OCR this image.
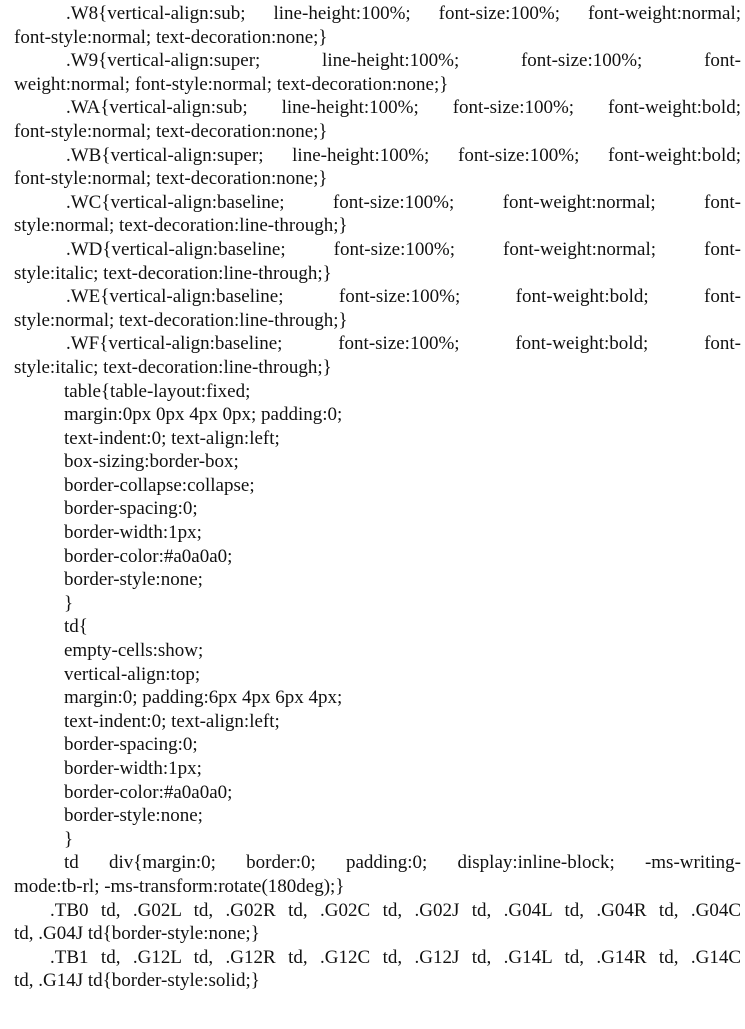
.W8{vertical-align:sub; line-height:100%; font-size:100%; font-weight:normal;
font-style:normal; text-decoration:none;}
.W9{vertical-align:super; line-height:100%; font-size:100%; font-
weight:normal; font-style:normal; text-decoration:none;}
.WA{vertical-align:sub; line-height:100%; font-size:100%; font-weight:bold;
font-style:normal; text-decoration:none;}
.WB{vertical-align:super; line-height:100%; font-size:100%; font-weight:bold;
font-style:normal; text-decoration:none;}
.WC{vertical-align:baseline; font-size:100%; font-weight:normal; font-
style:normal; text-decoration:line-through;}
.WD{vertical-align:baseline; font-size:100%; font-weight:normal; font-
style:italic; text-decoration:line-through;}
.WE{vertical-align:baseline; font-size:100%; font-weight:bold; font-
style:normal; text-decoration:line-through;}
.WF{vertical-align:baseline; font-size:100%; font-weight:bold; font-
style:italic; text-decoration:line-through;}
table{table-layout:fixed;
margin:0px 0px 4px 0px; padding:0;
text-indent:0; text-align:left;
box-sizing:border-box;
border-collapse:collapse;
border-spacing:0;
border-width:1px;
border-color:#a0a0a0;
border-style:none;
}
td{
empty-cells:show;
vertical-align:top;
margin:0; padding:6px 4px 6px 4px;
text-indent:0; text-align:left;
border-spacing:0;
border-width:1px;
border-color:#a0a0a0;
border-style:none;
}
td div{margin:0; border:0; padding:0; display:inline-block; -ms-writing-
mode:tb-rl; -ms-transform:rotate(180deg);}
.TB0 td, .G02L td, .G02R td, .G02C td, .G02J td, .G04L td, .G04R td, .G04C
td, .G04J td{border-style:none;}
.TB1 td, .G12L td, .G12R td, .G12C td, .G12J td, .G14L td, .G14R td, .G14C
td, .G14J td{border-style:solid;}
